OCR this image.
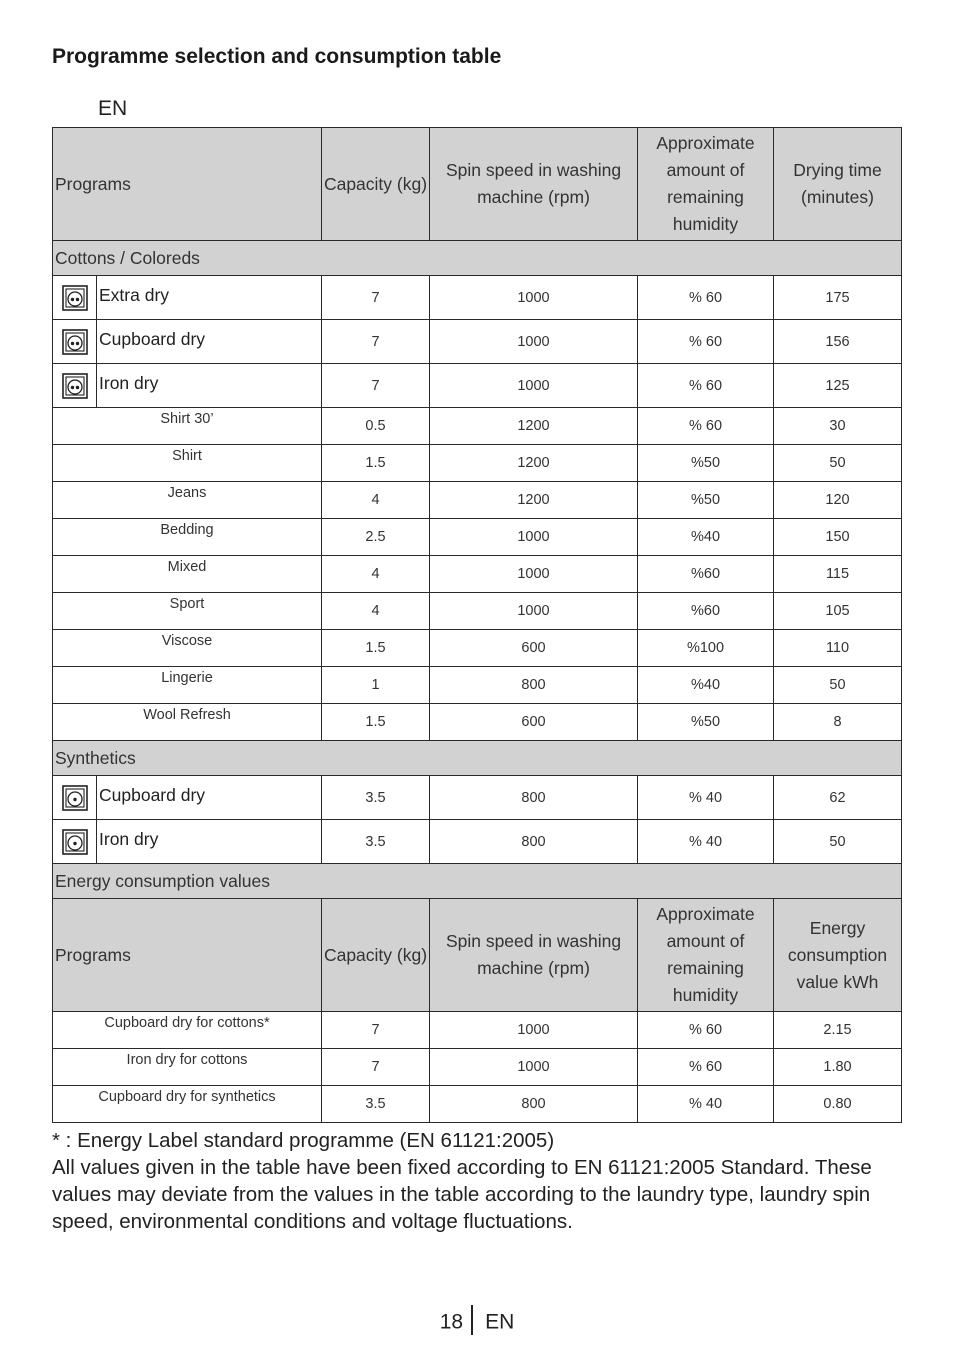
Programme selection and consumption table
EN
Programs	Capacity (kg)	Spin speed in washing machine (rpm)	Approximate amount of remaining humidity	Drying time (minutes)
Cottons / Coloreds				

Extra dry	7	1000	% 60	175

Cupboard dry	7	1000	% 60	156

Iron dry	7	1000	% 60	125
Shirt 30’	0.5	1200	% 60	30
Shirt	1.5	1200	%50	50
Jeans	4	1200	%50	120
Bedding	2.5	1000	%40	150
Mixed	4	1000	%60	115
Sport	4	1000	%60	105
Viscose	1.5	600	%100	110
Lingerie	1	800	%40	50
Wool Refresh	1.5	600	%50	8
Synthetics				

Cupboard dry	3.5	800	% 40	62

Iron dry	3.5	800	% 40	50
Energy consumption values				
Programs	Capacity (kg)	Spin speed in washing machine (rpm)	Approximate amount of remaining humidity	Energy consumption value kWh
Cupboard dry for cottons*	7	1000	% 60	2.15
Iron dry for cottons	7	1000	% 60	1.80
Cupboard dry for synthetics	3.5	800	% 40	0.80

* : Energy Label standard programme (EN 61121:2005)

All values given in the table have been fixed according to EN 61121:2005 Standard. These values may deviate from the values in the table according to the laundry type, laundry spin speed, environmental conditions and voltage fluctuations.

18 EN
